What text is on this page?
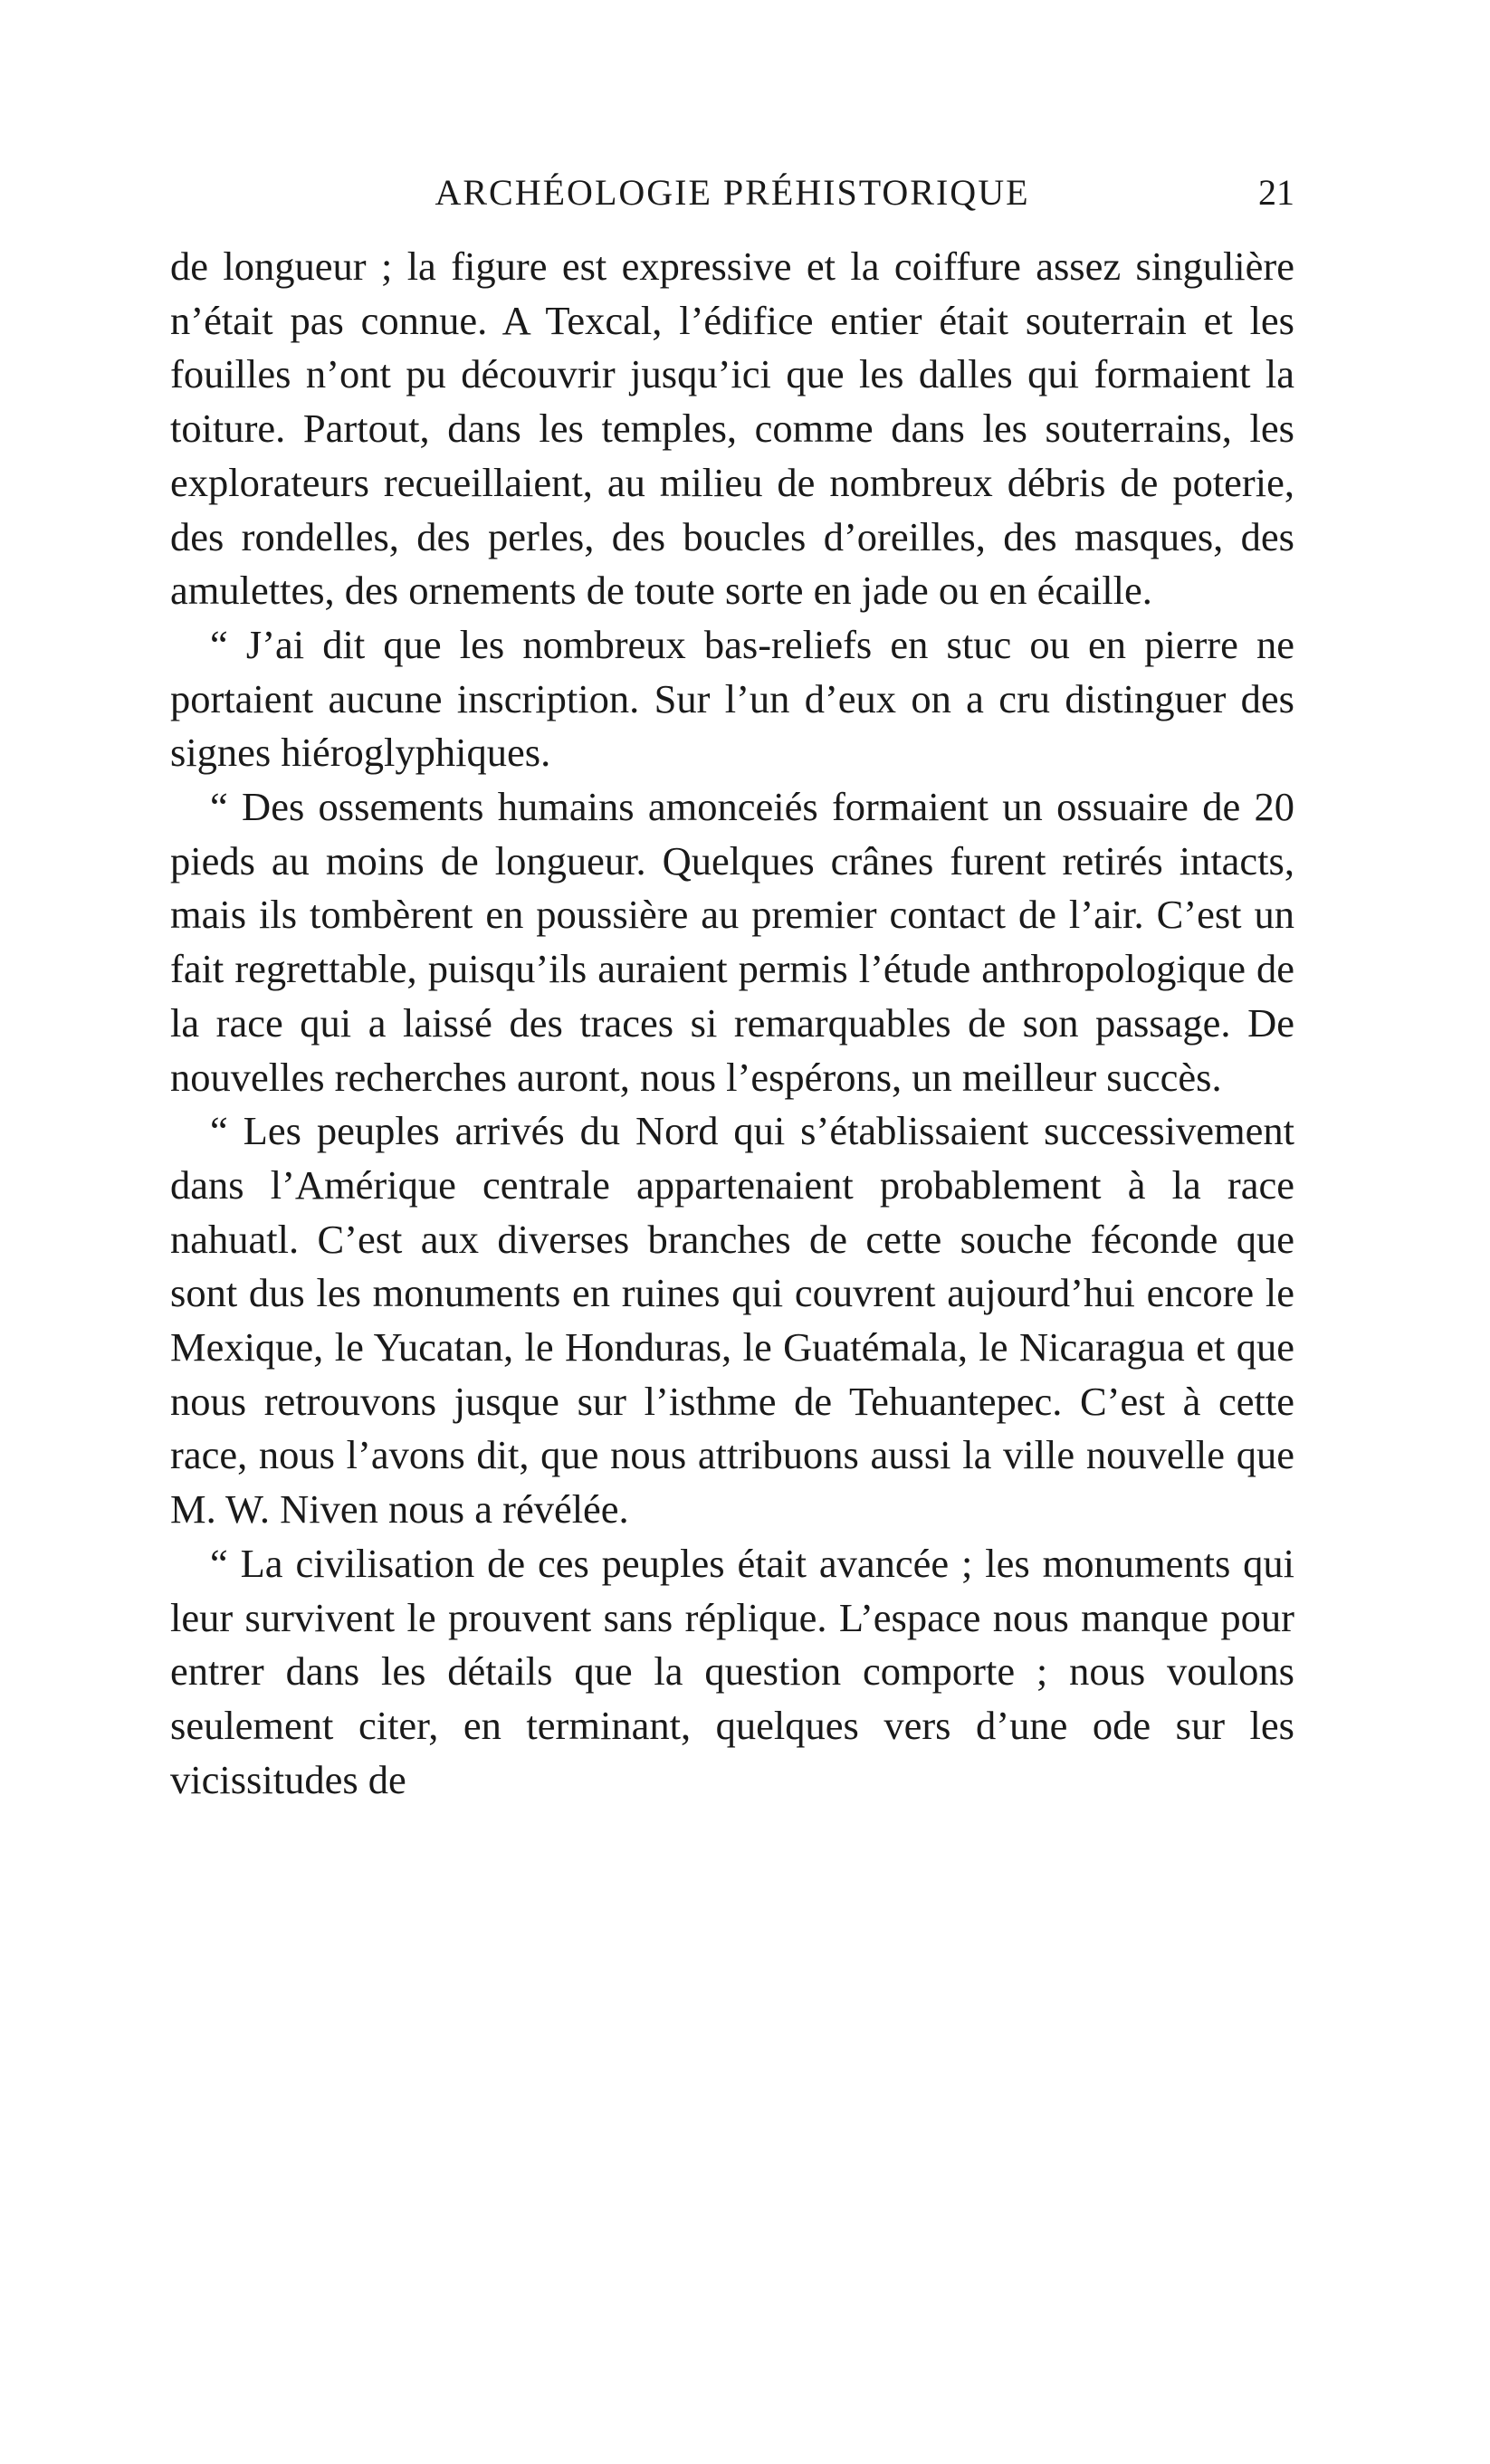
ARCHÉOLOGIE PRÉHISTORIQUE	21

de longueur ; la figure est expressive et la coiffure assez singulière n’était pas connue. A Texcal, l’édifice entier était souterrain et les fouilles n’ont pu découvrir jusqu’ici que les dalles qui formaient la toiture. Partout, dans les temples, comme dans les souterrains, les explorateurs recueillaient, au milieu de nombreux débris de poterie, des rondelles, des perles, des boucles d’oreilles, des masques, des amulettes, des ornements de toute sorte en jade ou en écaille.

“ J’ai dit que les nombreux bas-reliefs en stuc ou en pierre ne portaient aucune inscription. Sur l’un d’eux on a cru distinguer des signes hiéroglyphiques.

“ Des ossements humains amonceiés formaient un ossuaire de 20 pieds au moins de longueur. Quelques crânes furent retirés intacts, mais ils tombèrent en poussière au premier contact de l’air. C’est un fait regrettable, puisqu’ils auraient permis l’étude anthropologique de la race qui a laissé des traces si remarquables de son passage. De nouvelles recherches auront, nous l’espérons, un meilleur succès.

“ Les peuples arrivés du Nord qui s’établissaient successivement dans l’Amérique centrale appartenaient probablement à la race nahuatl. C’est aux diverses branches de cette souche féconde que sont dus les monuments en ruines qui couvrent aujourd’hui encore le Mexique, le Yucatan, le Honduras, le Guatémala, le Nicaragua et que nous retrouvons jusque sur l’isthme de Tehuantepec. C’est à cette race, nous l’avons dit, que nous attribuons aussi la ville nouvelle que M. W. Niven nous a révélée.

“ La civilisation de ces peuples était avancée ; les monuments qui leur survivent le prouvent sans réplique. L’espace nous manque pour entrer dans les détails que la question comporte ; nous voulons seulement citer, en terminant, quelques vers d’une ode sur les vicissitudes de
